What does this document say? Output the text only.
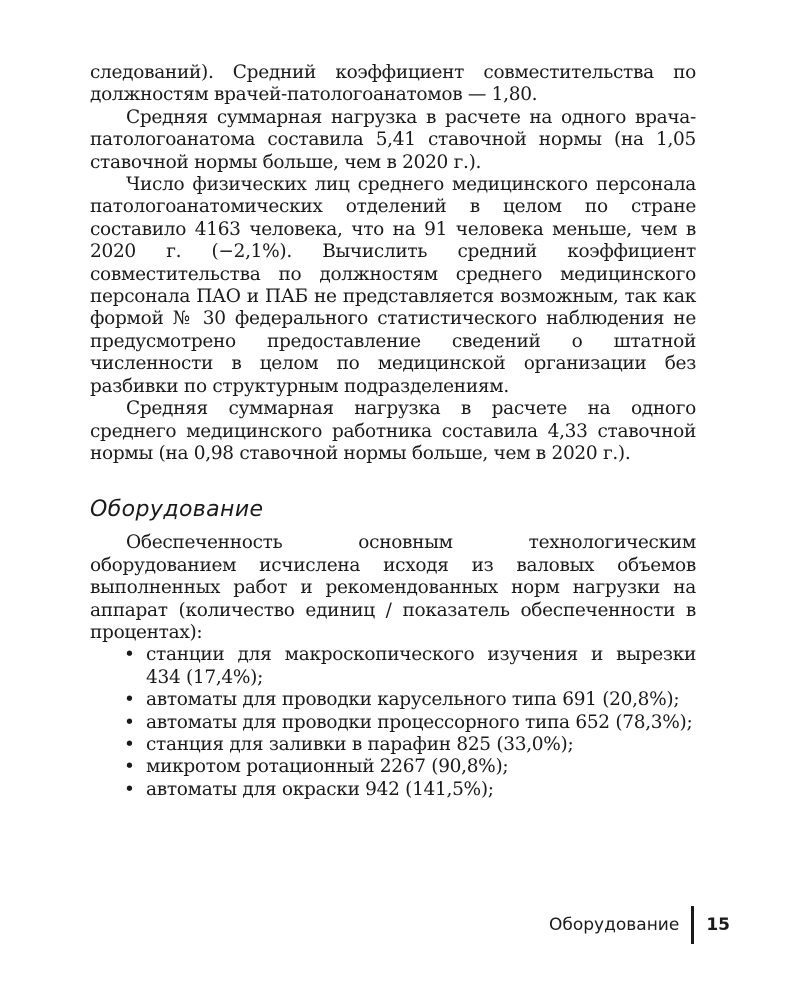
следований). Средний коэффициент совместительства по должностям врачей-патологоанатомов — 1,80.

Средняя суммарная нагрузка в расчете на одного врача-патологоанатома составила 5,41 ставочной нормы (на 1,05 ставочной нормы больше, чем в 2020 г.).

Число физических лиц среднего медицинского персонала патологоанатомических отделений в целом по стране составило 4163 человека, что на 91 человека меньше, чем в 2020 г. (−2,1%). Вычислить средний коэффициент совместительства по должностям среднего медицинского персонала ПАО и ПАБ не представляется возможным, так как формой № 30 федерального статистического наблюдения не предусмотрено предоставление сведений о штатной численности в целом по медицинской организации без разбивки по структурным подразделениям.

Средняя суммарная нагрузка в расчете на одного среднего медицинского работника составила 4,33 ставочной нормы (на 0,98 ставочной нормы больше, чем в 2020 г.).

Оборудование

Обеспеченность основным технологическим оборудованием исчислена исходя из валовых объемов выполненных работ и рекомендованных норм нагрузки на аппарат (количество единиц / показатель обеспеченности в процентах):

• станции для макроскопического изучения и вырезки 434 (17,4%);
• автоматы для проводки карусельного типа 691 (20,8%);
• автоматы для проводки процессорного типа 652 (78,3%);
• станция для заливки в парафин 825 (33,0%);
• микротом ротационный 2267 (90,8%);
• автоматы для окраски 942 (141,5%);
Оборудование	15
